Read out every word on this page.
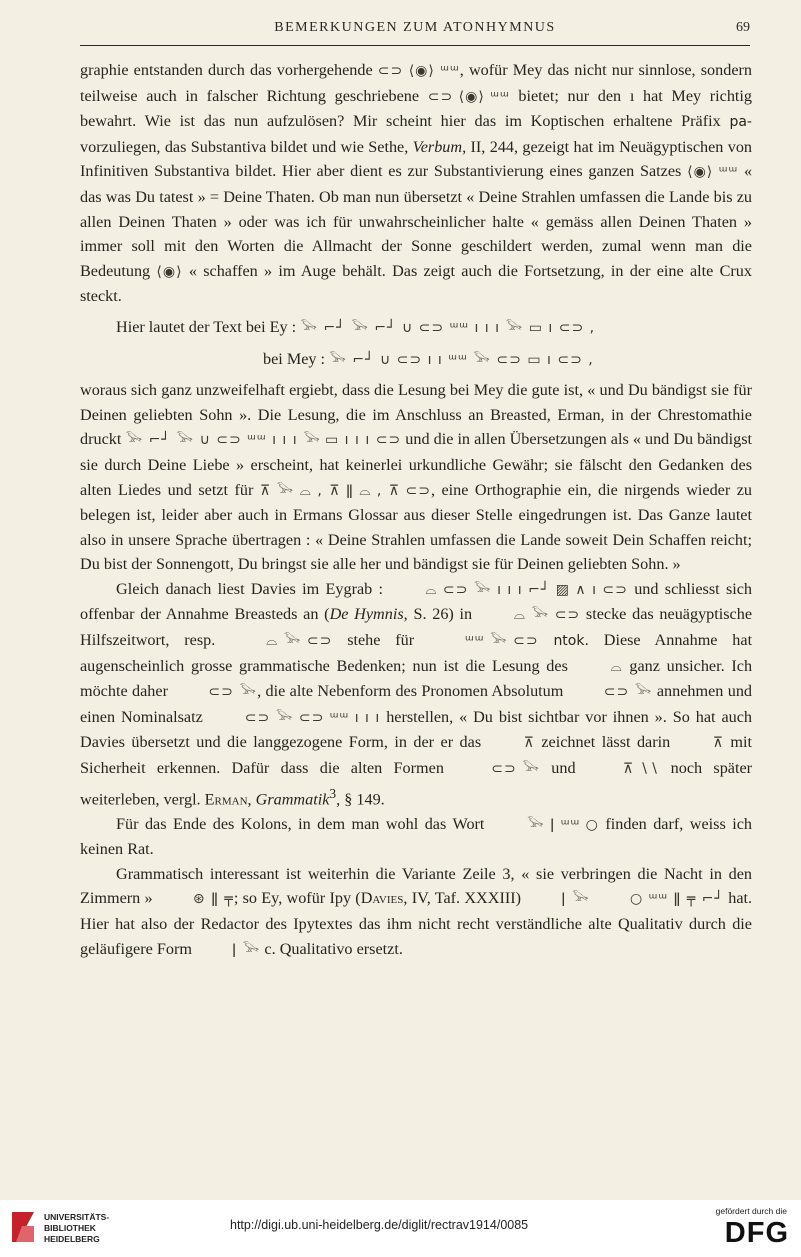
BEMERKUNGEN ZUM ATONHYMNUS	69

graphie entstanden durch das vorhergehende ⊂⊃ ⟨◉⟩ ᵚᵚ, wofür Mey das nicht nur sinnlose, sondern teilweise auch in falscher Richtung geschriebene ⊂⊃ ⟨◉⟩ ᵚᵚ bietet; nur den ı hat Mey richtig bewahrt. Wie ist das nun aufzulösen? Mir scheint hier das im Koptischen erhaltene Präfix pa- vorzuliegen, das Substantiva bildet und wie Sethe, Verbum, II, 244, gezeigt hat im Neuägyptischen von Infinitiven Substantiva bildet. Hier aber dient es zur Substantivierung eines ganzen Satzes ⟨◉⟩ ᵚᵚ « das was Du tatest » = Deine Thaten. Ob man nun übersetzt « Deine Strahlen umfassen die Lande bis zu allen Deinen Thaten » oder was ich für unwahrscheinlicher halte « gemäss allen Deinen Thaten » immer soll mit den Worten die Allmacht der Sonne geschildert werden, zumal wenn man die Bedeutung ⟨◉⟩ « schaffen » im Auge behält. Das zeigt auch die Fortsetzung, in der eine alte Crux steckt.

Hier lautet der Text bei Ey : 𓅨 ⌐┘ 𓅨 ⌐┘ ∪ ⊂⊃ ᵚᵚ ı ı ı 𓅨 ▭ ı ⊂⊃ ,
bei Mey : 𓅨 ⌐┘ ∪ ⊂⊃ ı ı ᵚᵚ 𓅨 ⊂⊃ ▭ ı ⊂⊃ ,

woraus sich ganz unzweifelhaft ergiebt, dass die Lesung bei Mey die gute ist, « und Du bändigst sie für Deinen geliebten Sohn ». Die Lesung, die im Anschluss an Breasted, Erman, in der Chrestomathie druckt 𓅨 ⌐┘ 𓅨 ∪ ⊂⊃ ᵚᵚ ı ı ı 𓅨 ▭ ı ı ı ⊂⊃ und die in allen Übersetzungen als « und Du bändigst sie durch Deine Liebe » erscheint, hat keinerlei urkundliche Gewähr; sie fälscht den Gedanken des alten Liedes und setzt für ⊼ 𓅨 ⌓ , ⊼ ǁ ⌓ , ⊼ ⊂⊃, eine Orthographie ein, die nirgends wieder zu belegen ist, leider aber auch in Ermans Glossar aus dieser Stelle eingedrungen ist. Das Ganze lautet also in unsere Sprache übertragen : « Deine Strahlen umfassen die Lande soweit Dein Schaffen reicht; Du bist der Sonnengott, Du bringst sie alle her und bändigst sie für Deinen geliebten Sohn. »

Gleich danach liest Davies im Eygrab :	⌓ ⊂⊃ 𓅨 ı ı ı ⌐┘ ▨ ∧ ı ⊂⊃ und schliesst sich offenbar der Annahme Breasteds an (De Hymnis, S. 26) in	⌓ 𓅨 ⊂⊃ stecke das neuägyptische Hilfszeitwort, resp.	⌓ 𓅨 ⊂⊃ stehe für	ᵚᵚ 𓅨 ⊂⊃ ntok. Diese Annahme hat augenscheinlich grosse grammatische Bedenken; nun ist die Lesung des	⌓ ganz unsicher. Ich möchte daher	⊂⊃ 𓅨, die alte Nebenform des Pronomen Absolutum	⊂⊃ 𓅨 annehmen und einen Nominalsatz	⊂⊃ 𓅨 ⊂⊃ ᵚᵚ ı ı ı herstellen, « Du bist sichtbar vor ihnen ». So hat auch Davies übersetzt und die langgezogene Form, in der er das	⊼ zeichnet lässt darin	⊼ mit Sicherheit erkennen. Dafür dass die alten Formen	⊂⊃ 𓅨 und	⊼ ∖∖ noch später weiterleben, vergl. Erman, Grammatik$^3$, § 149.

Für das Ende des Kolons, in dem man wohl das Wort	𓅨 ǀ ᵚᵚ ○ finden darf, weiss ich keinen Rat.

Grammatisch interessant ist weiterhin die Variante Zeile 3, « sie verbringen die Nacht in den Zimmern »	⊛ ǁ ╤; so Ey, wofür Ipy (Davies, IV, Taf. XXXIII)	ǀ 𓅨	○ ᵚᵚ ǁ ╤ ⌐┘ hat. Hier hat also der Redactor des Ipytextes das ihm nicht recht verständliche alte Qualitativ durch die geläufigere Form	ǀ 𓅨 c. Qualitativo ersetzt.

UNIVERSITÄTS-
BIBLIOTHEK
HEIDELBERG
http://digi.ub.uni-heidelberg.de/diglit/rectrav1914/0085
gefördert durch die
DFG
